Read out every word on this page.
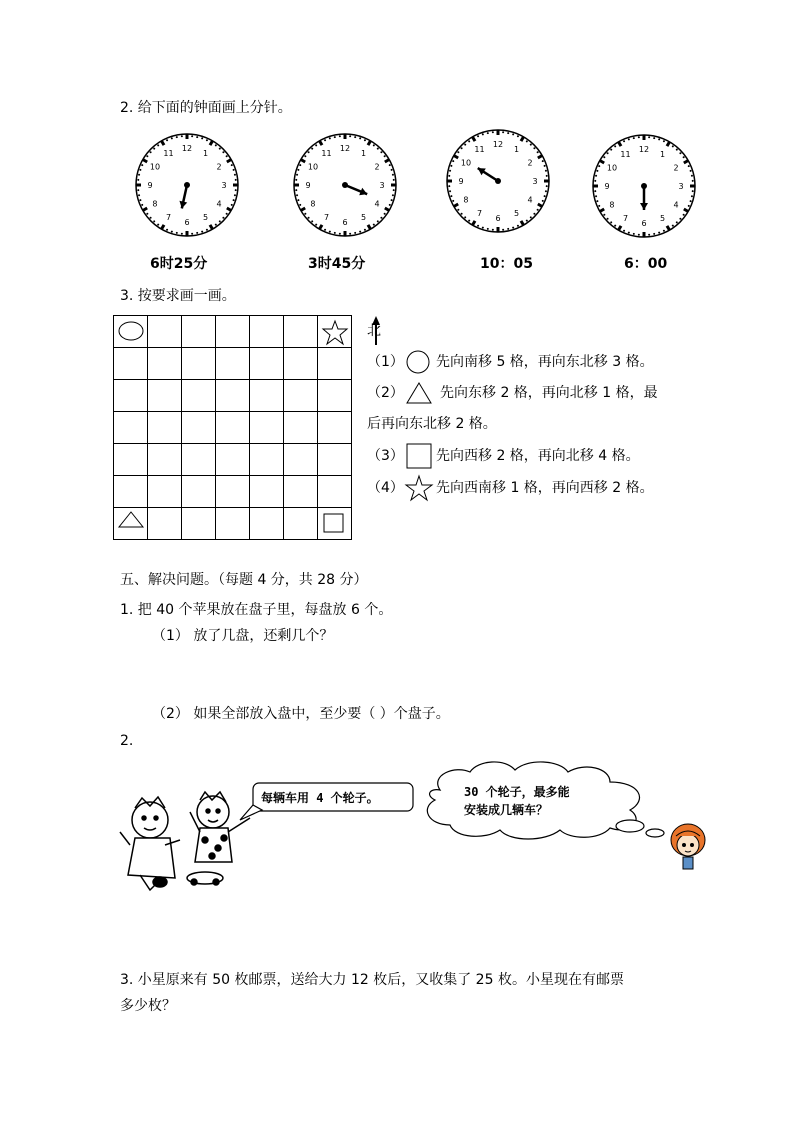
2. 给下面的钟面画上分针。
12
1
2
3
4
5
6
7
8
9
10
11
12
1
2
3
4
5
6
7
8
9
10
11
12
1
2
3
4
5
6
7
8
9
10
11	12
1
2
3
4
5
6
7
8
9
10
11
6时25分	3时45分	10：05	6：00
3. 按要求画一画。

北
（1） 先向南移 5 格，再向东北移 3 格。
（2）	先向东移 2 格，再向北移 1 格，最
后再向东北移 2 格。
（3） 先向西移 2 格，再向北移 4 格。
（4） 先向西南移 1 格，再向西移 2 格。
五、解决问题。（每题 4 分，共 28 分）
1. 把 40 个苹果放在盘子里，每盘放 6 个。
（1） 放了几盘，还剩几个？
（2） 如果全部放入盘中，至少要（ ）个盘子。
2.
每辆车用 4 个轮子。	30 个轮子，最多能
安装成几辆车？
3. 小星原来有 50 枚邮票，送给大力 12 枚后，又收集了 25 枚。小星现在有邮票
多少枚？
